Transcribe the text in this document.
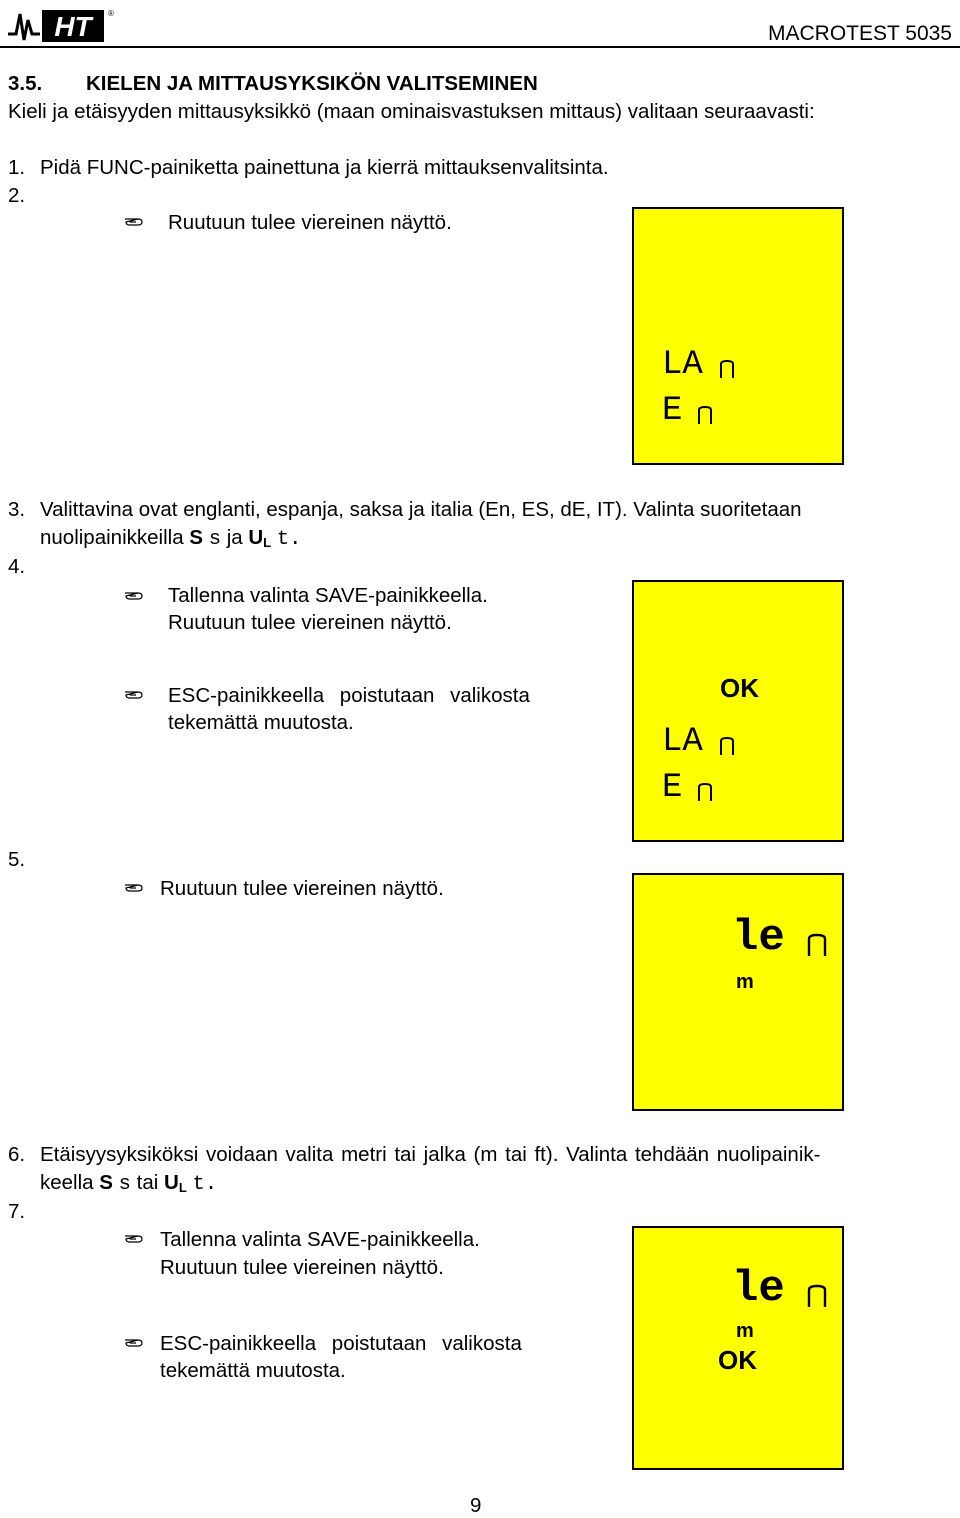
HT	®
MACROTEST 5035
3.5. KIELEN JA MITTAUSYKSIKÖN VALITSEMINEN
Kieli ja etäisyyden mittausyksikkö (maan ominaisvastuksen mittaus) valitaan seuraavasti:
1. Pidä FUNC-painiketta painettuna ja kierrä mittauksenvalitsinta.
2.
Ruutuun tulee viereinen näyttö.
LA
E
3. Valittavina ovat englanti, espanja, saksa ja italia (En, ES, dE, IT). Valinta suoritetaan
nuolipainikkeilla S s ja $U_L$ t.
4.
Tallenna valinta SAVE-painikkeella.
Ruutuun tulee viereinen näyttö.
ESC-painikkeella poistutaan valikosta
tekemättä muutosta.
OK
LA
E
5.
Ruutuun tulee viereinen näyttö.
le
m
6. Etäisyysyksiköksi voidaan valita metri tai jalka (m tai ft). Valinta tehdään nuolipainik-
keella S s tai $U_L$ t.
7.
Tallenna valinta SAVE-painikkeella.
Ruutuun tulee viereinen näyttö.
ESC-painikkeella poistutaan valikosta
tekemättä muutosta.
le
m
OK
9
